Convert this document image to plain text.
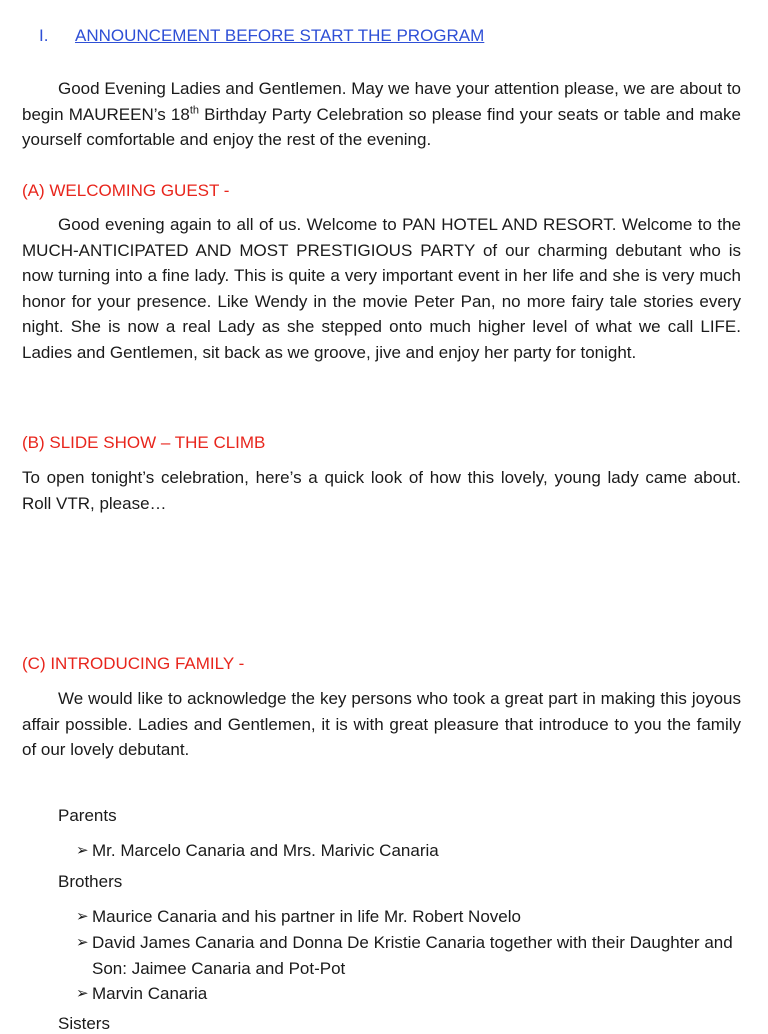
I.	ANNOUNCEMENT BEFORE START THE PROGRAM

Good Evening Ladies and Gentlemen. May we have your attention please, we are about to begin MAUREEN’s 18th Birthday Party Celebration so please find your seats or table and make yourself comfortable and enjoy the rest of the evening.

(A) WELCOMING GUEST -

Good evening again to all of us. Welcome to PAN HOTEL AND RESORT. Welcome to the MUCH-ANTICIPATED AND MOST PRESTIGIOUS PARTY of our charming debutant who is now turning into a fine lady. This is quite a very important event in her life and she is very much honor for your presence. Like Wendy in the movie Peter Pan, no more fairy tale stories every night. She is now a real Lady as she stepped onto much higher level of what we call LIFE. Ladies and Gentlemen, sit back as we groove, jive and enjoy her party for tonight.

(B) SLIDE SHOW – THE CLIMB

To open tonight’s celebration, here’s a quick look of how this lovely, young lady came about. Roll VTR, please…

(C) INTRODUCING FAMILY -

We would like to acknowledge the key persons who took a great part in making this joyous affair possible. Ladies and Gentlemen, it is with great pleasure that introduce to you the family of our lovely debutant.

Parents
➢ Mr. Marcelo Canaria and Mrs. Marivic Canaria
Brothers
➢ Maurice Canaria and his partner in life Mr. Robert Novelo
➢ David James Canaria and Donna De Kristie Canaria together with their Daughter and Son: Jaimee Canaria and Pot-Pot
➢ Marvin Canaria
Sisters
